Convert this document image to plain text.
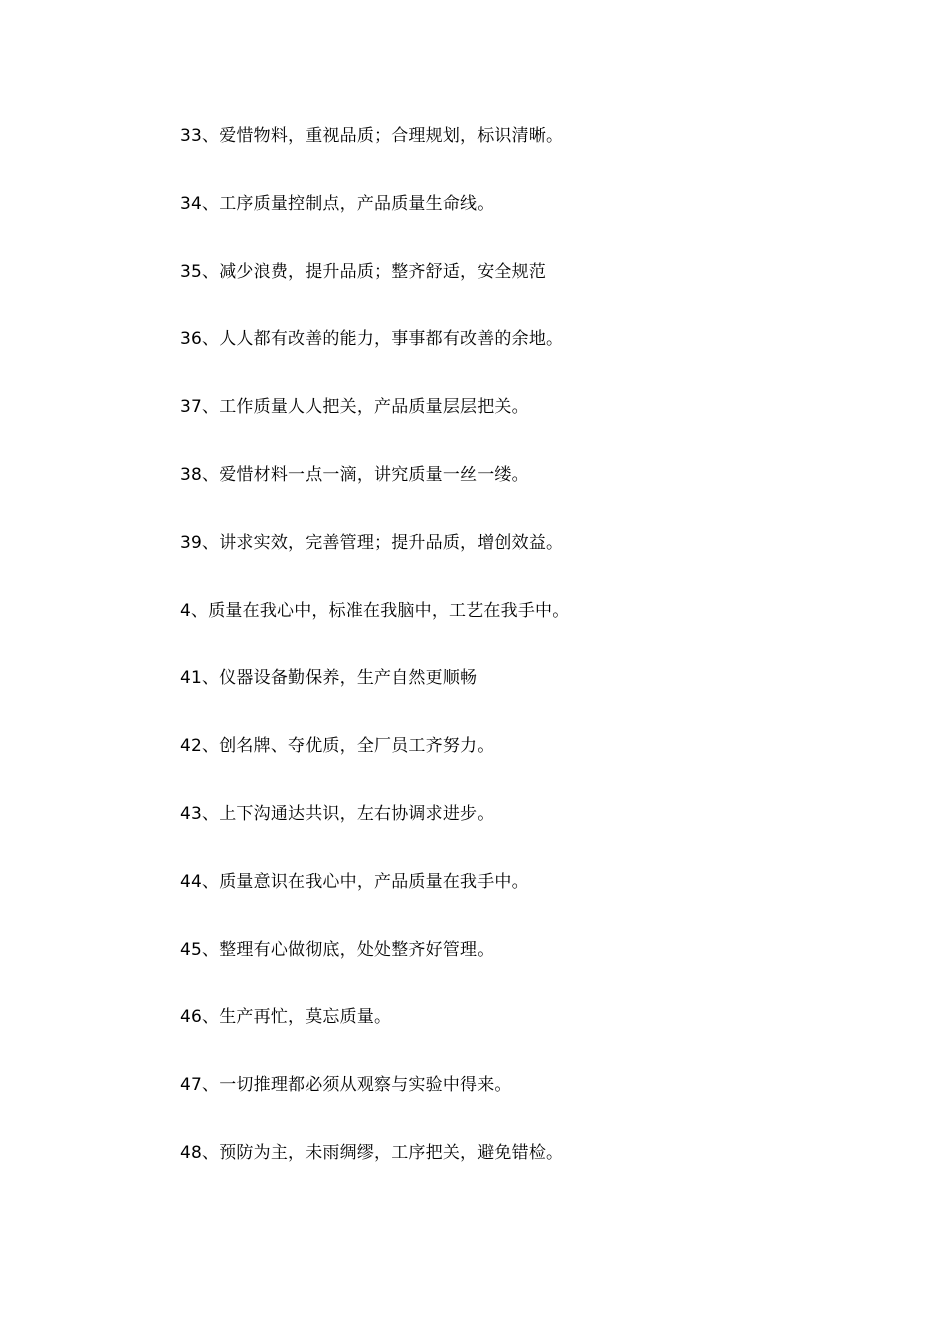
33、爱惜物料，重视品质；合理规划，标识清晰。
34、工序质量控制点，产品质量生命线。
35、减少浪费，提升品质；整齐舒适，安全规范
36、人人都有改善的能力，事事都有改善的余地。
37、工作质量人人把关，产品质量层层把关。
38、爱惜材料一点一滴，讲究质量一丝一缕。
39、讲求实效，完善管理；提升品质，增创效益。
4、质量在我心中，标准在我脑中，工艺在我手中。
41、仪器设备勤保养，生产自然更顺畅
42、创名牌、夺优质，全厂员工齐努力。
43、上下沟通达共识，左右协调求进步。
44、质量意识在我心中，产品质量在我手中。
45、整理有心做彻底，处处整齐好管理。
46、生产再忙，莫忘质量。
47、一切推理都必须从观察与实验中得来。
48、预防为主，未雨绸缪，工序把关，避免错检。
